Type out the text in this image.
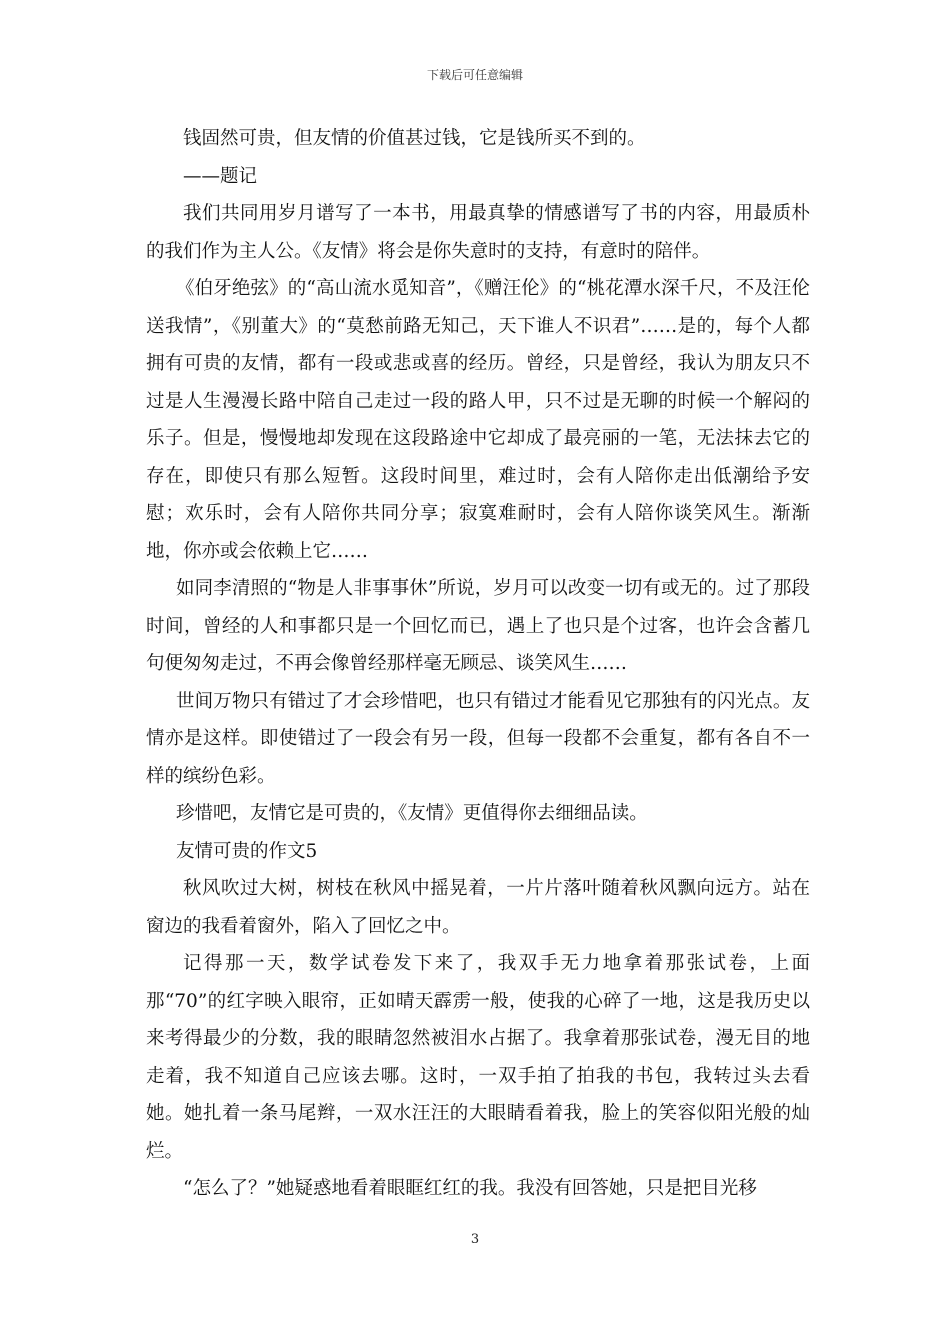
下载后可任意编辑

钱固然可贵，但友情的价值甚过钱，它是钱所买不到的。

——题记

我们共同用岁月谱写了一本书，用最真挚的情感谱写了书的内容，用最质朴的我们作为主人公。《友情》将会是你失意时的支持，有意时的陪伴。

《伯牙绝弦》的“高山流水觅知音”，《赠汪伦》的“桃花潭水深千尺，不及汪伦送我情”，《别董大》的“莫愁前路无知己，天下谁人不识君”……是的，每个人都拥有可贵的友情，都有一段或悲或喜的经历。曾经，只是曾经，我认为朋友只不过是人生漫漫长路中陪自己走过一段的路人甲，只不过是无聊的时候一个解闷的乐子。但是，慢慢地却发现在这段路途中它却成了最亮丽的一笔，无法抹去它的存在，即使只有那么短暂。这段时间里，难过时，会有人陪你走出低潮给予安慰；欢乐时，会有人陪你共同分享；寂寞难耐时，会有人陪你谈笑风生。渐渐地，你亦或会依赖上它……

如同李清照的“物是人非事事休”所说，岁月可以改变一切有或无的。过了那段时间，曾经的人和事都只是一个回忆而已，遇上了也只是个过客，也许会含蓄几句便匆匆走过，不再会像曾经那样毫无顾忌、谈笑风生……

世间万物只有错过了才会珍惜吧，也只有错过才能看见它那独有的闪光点。友情亦是这样。即使错过了一段会有另一段，但每一段都不会重复，都有各自不一样的缤纷色彩。

珍惜吧，友情它是可贵的，《友情》更值得你去细细品读。

友情可贵的作文5

秋风吹过大树，树枝在秋风中摇晃着，一片片落叶随着秋风飘向远方。站在窗边的我看着窗外，陷入了回忆之中。

记得那一天，数学试卷发下来了，我双手无力地拿着那张试卷，上面那“70”的红字映入眼帘，正如晴天霹雳一般，使我的心碎了一地，这是我历史以来考得最少的分数，我的眼睛忽然被泪水占据了。我拿着那张试卷，漫无目的地走着，我不知道自己应该去哪。这时，一双手拍了拍我的书包，我转过头去看她。她扎着一条马尾辫，一双水汪汪的大眼睛看着我，脸上的笑容似阳光般的灿烂。

“怎么了？”她疑惑地看着眼眶红红的我。我没有回答她，只是把目光移

3
